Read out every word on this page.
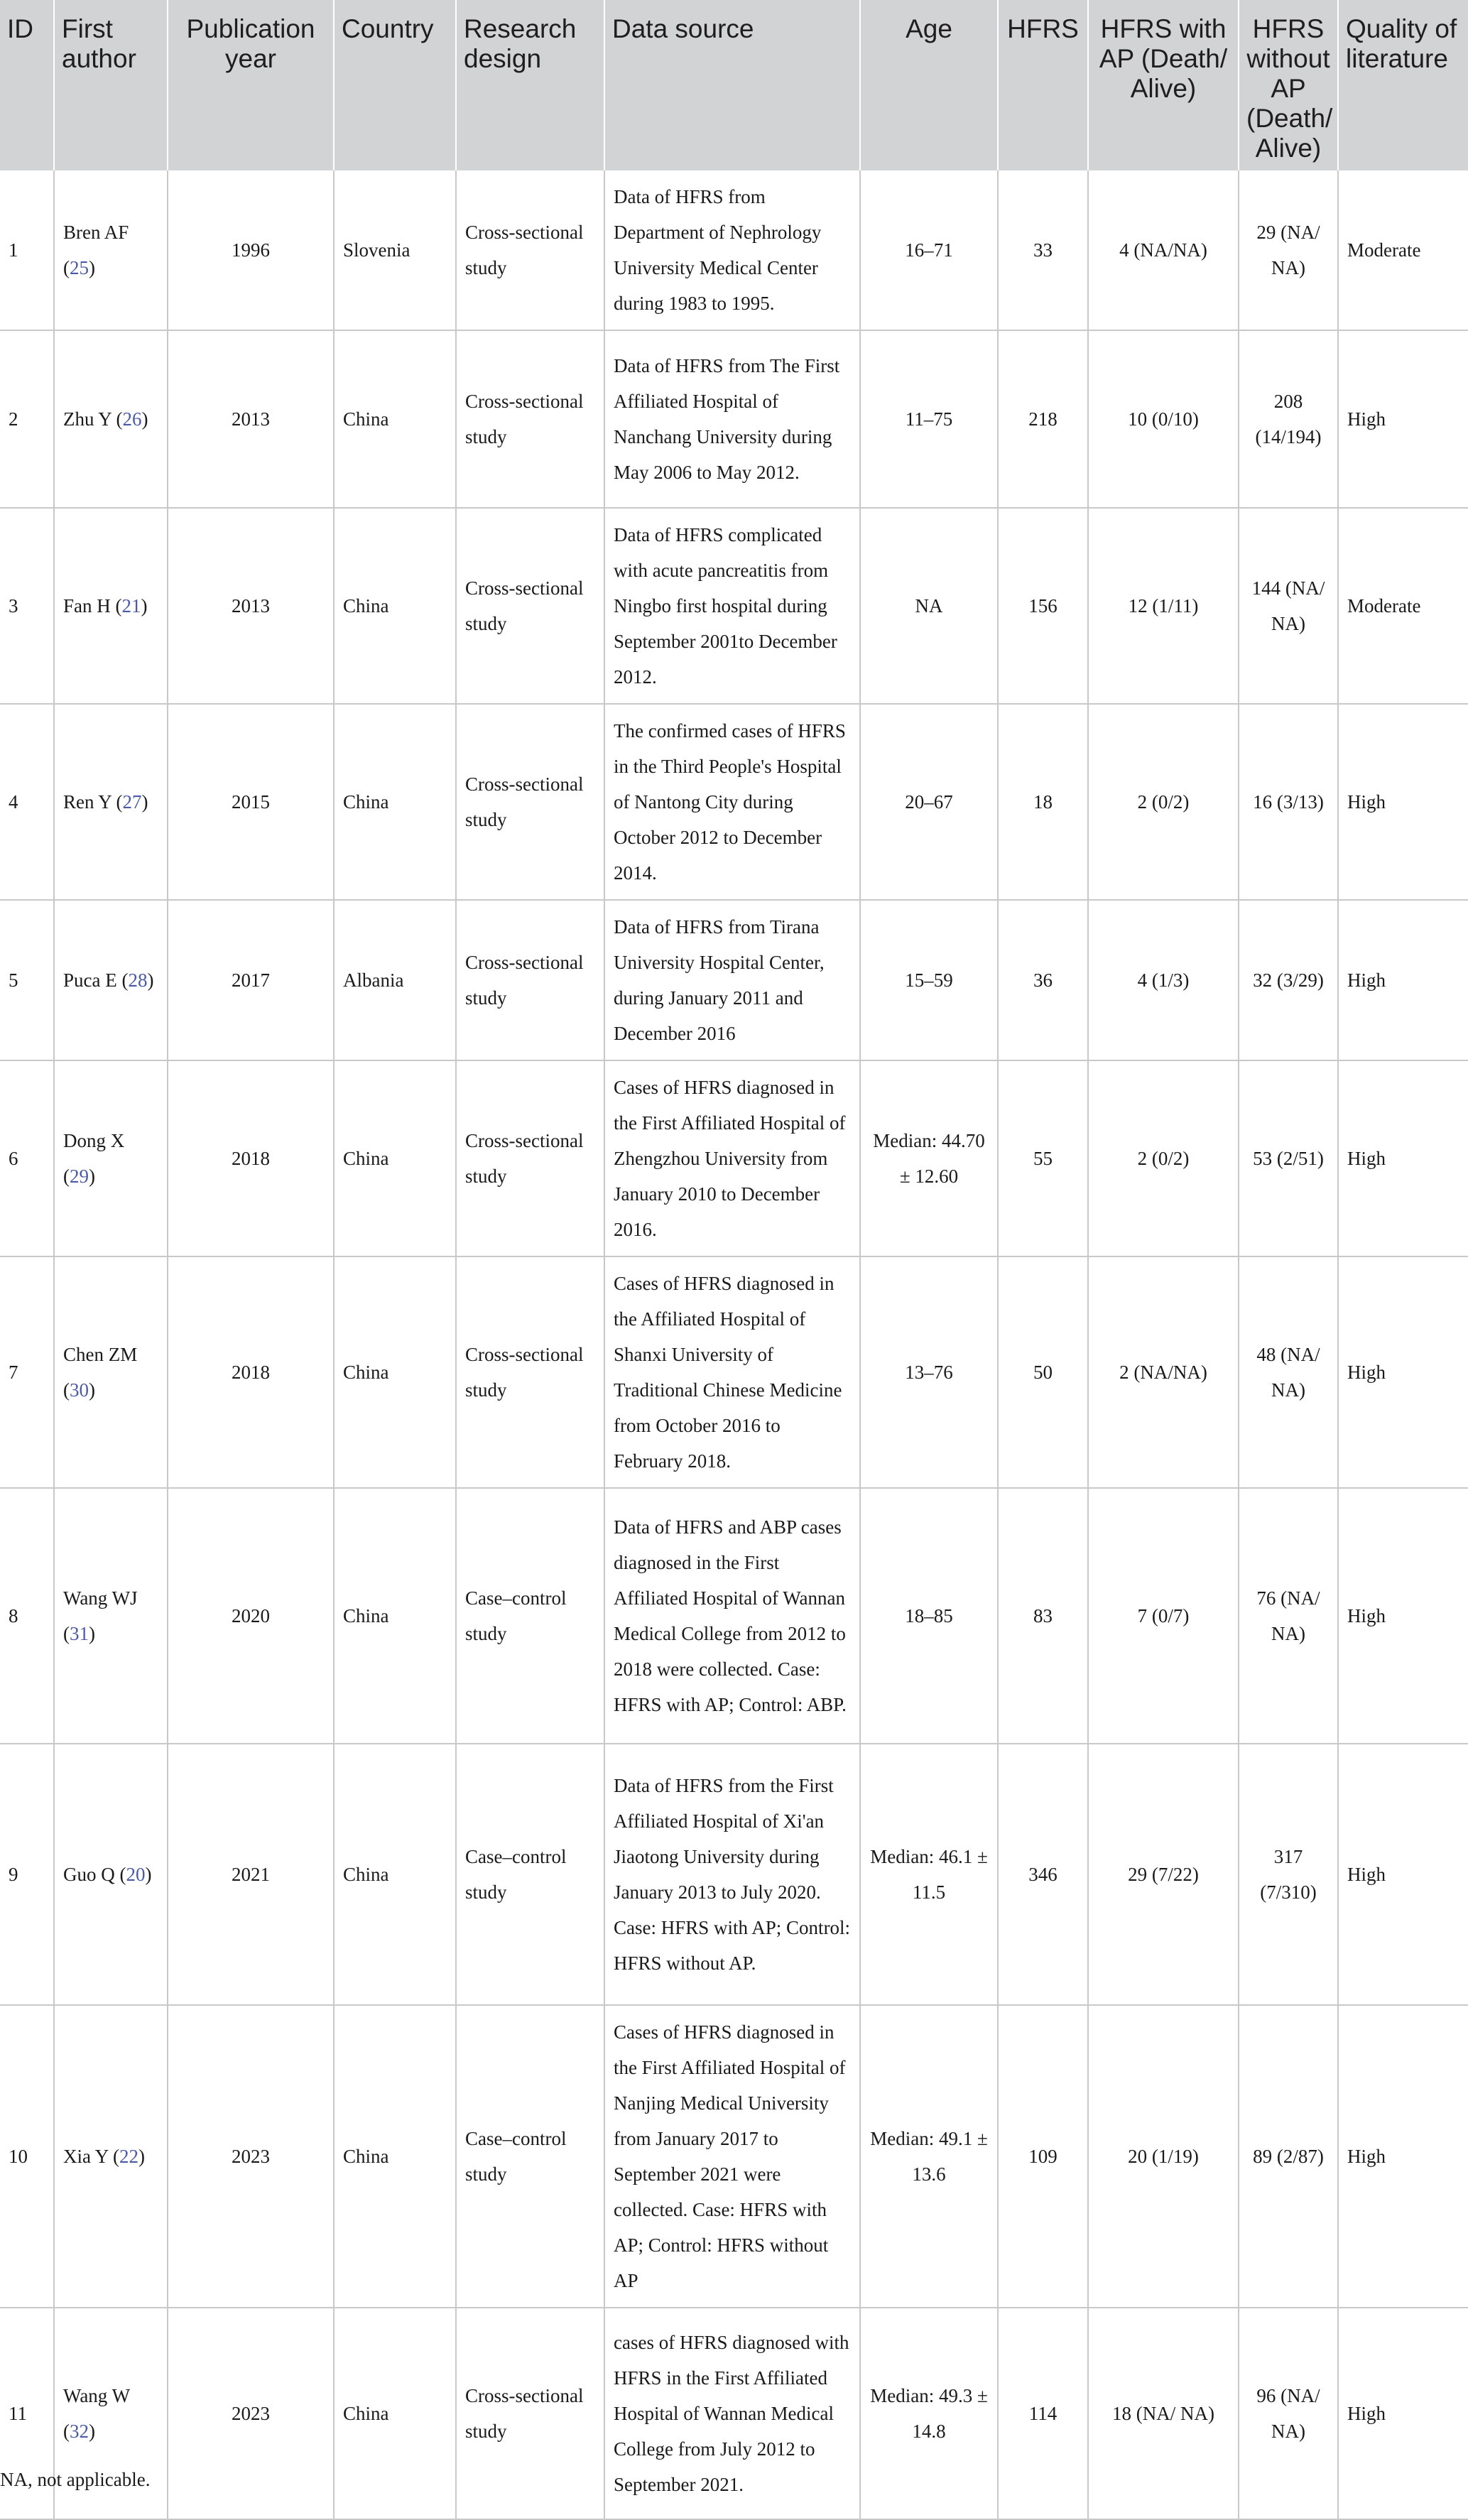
ID	First author	Publication year	Country	Research design	Data source	Age	HFRS	HFRS with AP (Death/ Alive)	HFRS without AP (Death/ Alive)	Quality of literature
1	Bren AF (25)	1996	Slovenia	Cross-sectional study	Data of HFRS from Department of Nephrology University Medical Center during 1983 to 1995.	16–71	33	4 (NA/NA)	29 (NA/ NA)	Moderate
2	Zhu Y (26)	2013	China	Cross-sectional study	Data of HFRS from The First Affiliated Hospital of Nanchang University during May 2006 to May 2012.	11–75	218	10 (0/10)	208 (14/194)	High
3	Fan H (21)	2013	China	Cross-sectional study	Data of HFRS complicated with acute pancreatitis from Ningbo first hospital during September 2001to December 2012.	NA	156	12 (1/11)	144 (NA/ NA)	Moderate
4	Ren Y (27)	2015	China	Cross-sectional study	The confirmed cases of HFRS in the Third People's Hospital of Nantong City during October 2012 to December 2014.	20–67	18	2 (0/2)	16 (3/13)	High
5	Puca E (28)	2017	Albania	Cross-sectional study	Data of HFRS from Tirana University Hospital Center, during January 2011 and December 2016	15–59	36	4 (1/3)	32 (3/29)	High
6	Dong X (29)	2018	China	Cross-sectional study	Cases of HFRS diagnosed in the First Affiliated Hospital of Zhengzhou University from January 2010 to December 2016.	Median: 44.70 ± 12.60	55	2 (0/2)	53 (2/51)	High
7	Chen ZM (30)	2018	China	Cross-sectional study	Cases of HFRS diagnosed in the Affiliated Hospital of Shanxi University of Traditional Chinese Medicine from October 2016 to February 2018.	13–76	50	2 (NA/NA)	48 (NA/ NA)	High
8	Wang WJ (31)	2020	China	Case–control study	Data of HFRS and ABP cases diagnosed in the First Affiliated Hospital of Wannan Medical College from 2012 to 2018 were collected. Case: HFRS with AP; Control: ABP.	18–85	83	7 (0/7)	76 (NA/ NA)	High
9	Guo Q (20)	2021	China	Case–control study	Data of HFRS from the First Affiliated Hospital of Xi'an Jiaotong University during January 2013 to July 2020. Case: HFRS with AP; Control: HFRS without AP.	Median: 46.1 ± 11.5	346	29 (7/22)	317 (7/310)	High
10	Xia Y (22)	2023	China	Case–control study	Cases of HFRS diagnosed in the First Affiliated Hospital of Nanjing Medical University from January 2017 to September 2021 were collected. Case: HFRS with AP; Control: HFRS without AP	Median: 49.1 ± 13.6	109	20 (1/19)	89 (2/87)	High
11	Wang W (32)	2023	China	Cross-sectional study	cases of HFRS diagnosed with HFRS in the First Affiliated Hospital of Wannan Medical College from July 2012 to September 2021.	Median: 49.3 ± 14.8	114	18 (NA/ NA)	96 (NA/ NA)	High
NA, not applicable.
